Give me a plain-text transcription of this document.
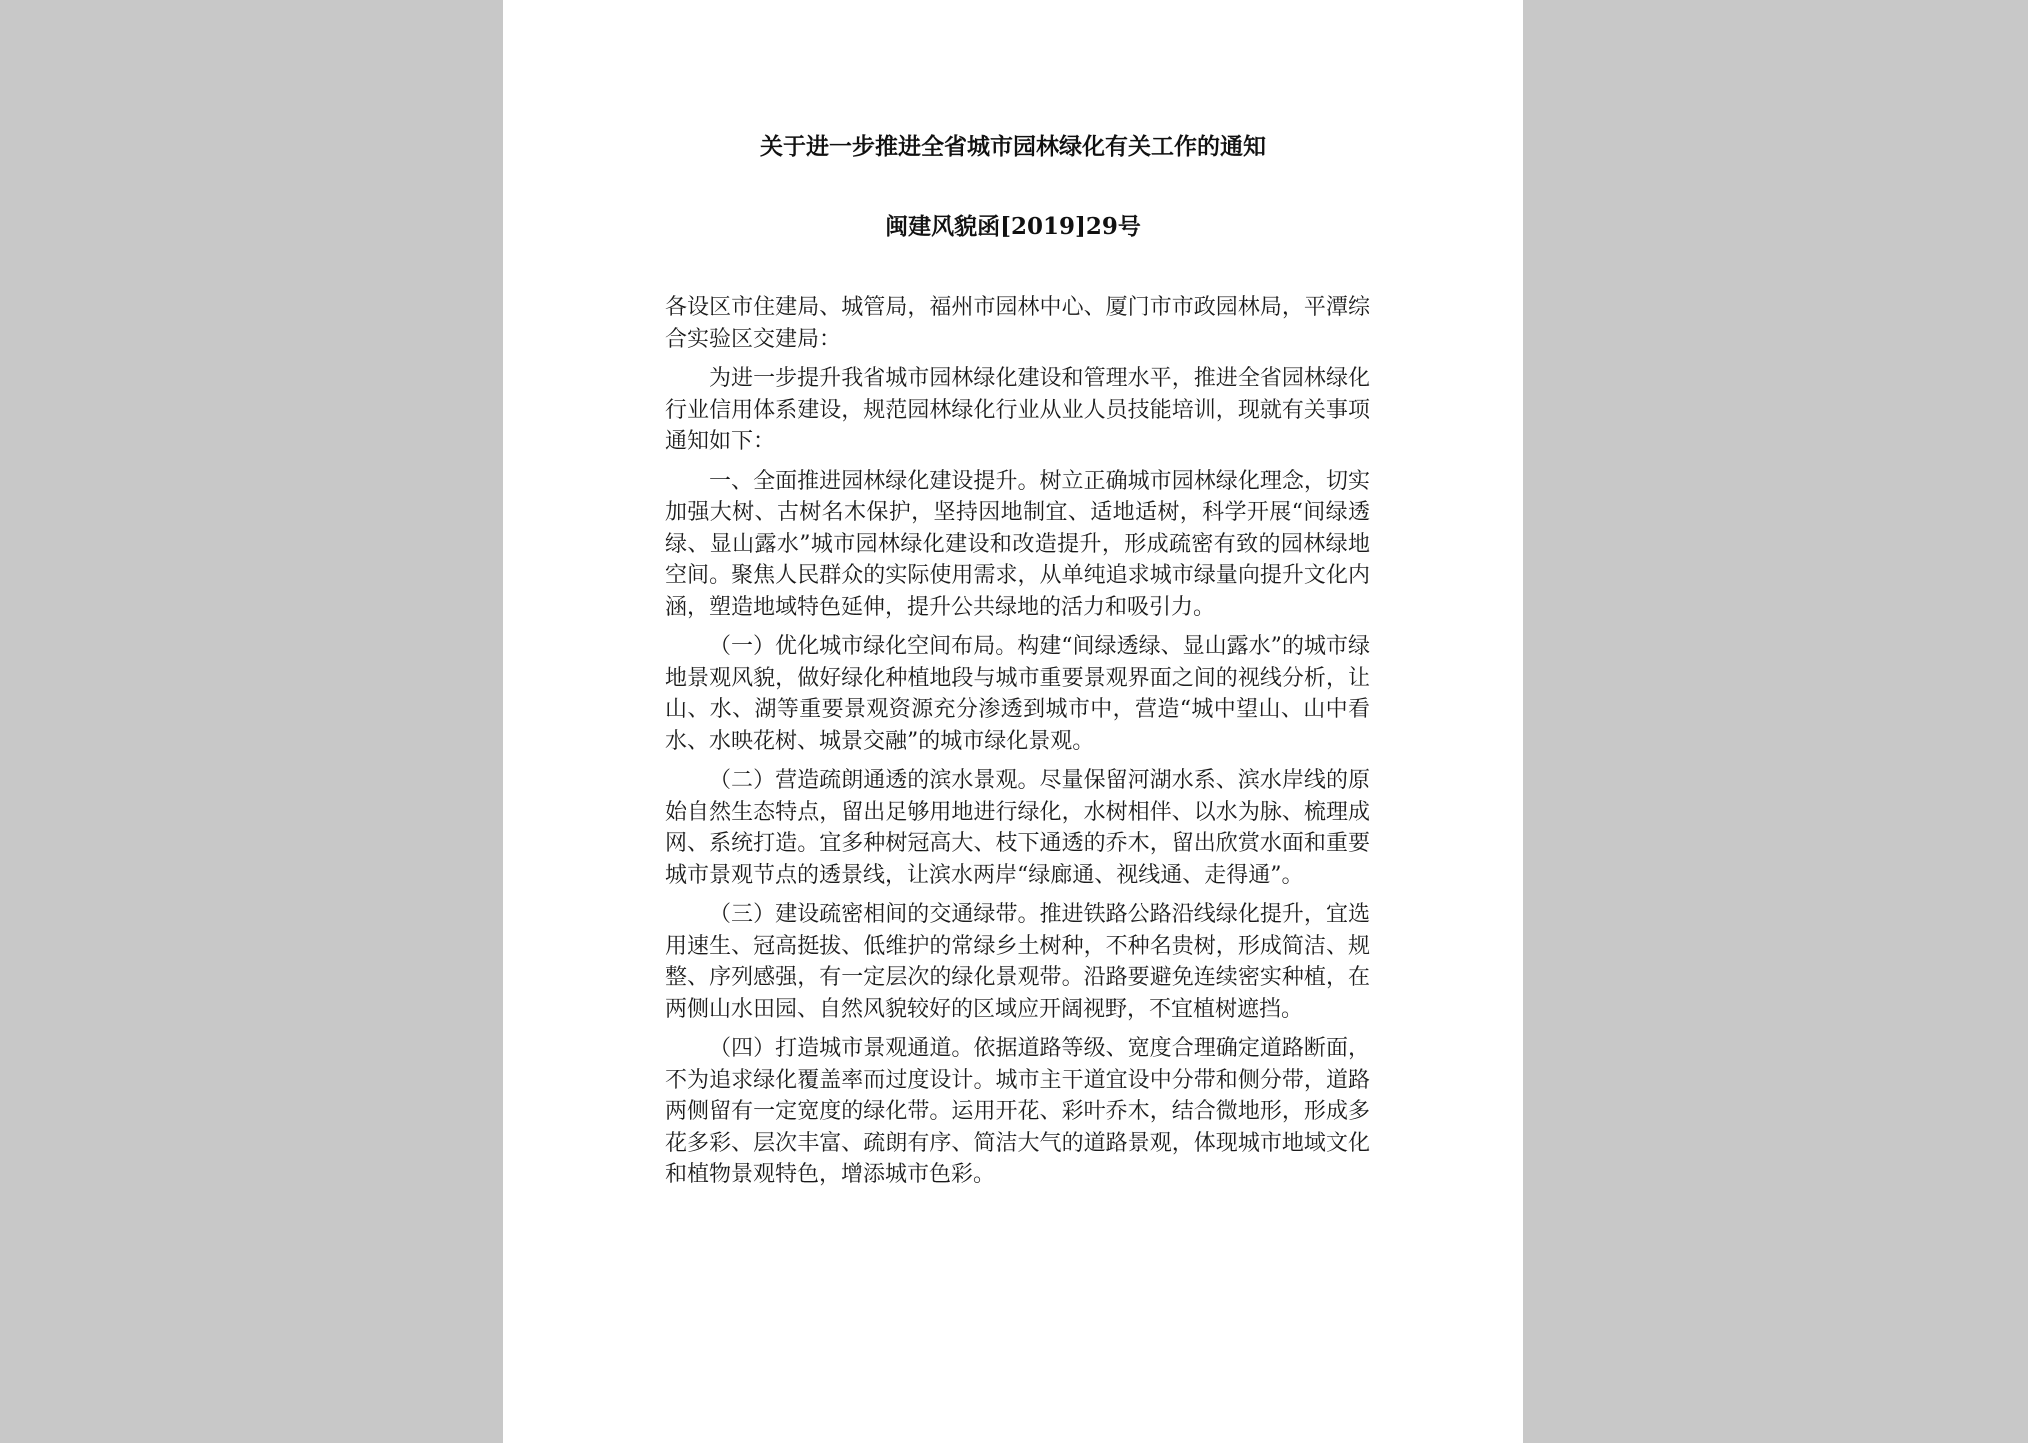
关于进一步推进全省城市园林绿化有关工作的通知
闽建风貌函[2019]29号

各设区市住建局、城管局，福州市园林中心、厦门市市政园林局，平潭综合实验区交建局：

为进一步提升我省城市园林绿化建设和管理水平，推进全省园林绿化行业信用体系建设，规范园林绿化行业从业人员技能培训，现就有关事项通知如下：

一、全面推进园林绿化建设提升。树立正确城市园林绿化理念，切实加强大树、古树名木保护，坚持因地制宜、适地适树，科学开展“间绿透绿、显山露水”城市园林绿化建设和改造提升，形成疏密有致的园林绿地空间。聚焦人民群众的实际使用需求，从单纯追求城市绿量向提升文化内涵，塑造地域特色延伸，提升公共绿地的活力和吸引力。

（一）优化城市绿化空间布局。构建“间绿透绿、显山露水”的城市绿地景观风貌，做好绿化种植地段与城市重要景观界面之间的视线分析，让山、水、湖等重要景观资源充分渗透到城市中，营造“城中望山、山中看水、水映花树、城景交融”的城市绿化景观。

（二）营造疏朗通透的滨水景观。尽量保留河湖水系、滨水岸线的原始自然生态特点，留出足够用地进行绿化，水树相伴、以水为脉、梳理成网、系统打造。宜多种树冠高大、枝下通透的乔木，留出欣赏水面和重要城市景观节点的透景线，让滨水两岸“绿廊通、视线通、走得通”。

（三）建设疏密相间的交通绿带。推进铁路公路沿线绿化提升，宜选用速生、冠高挺拔、低维护的常绿乡土树种，不种名贵树，形成简洁、规整、序列感强，有一定层次的绿化景观带。沿路要避免连续密实种植，在两侧山水田园、自然风貌较好的区域应开阔视野，不宜植树遮挡。

（四）打造城市景观通道。依据道路等级、宽度合理确定道路断面，不为追求绿化覆盖率而过度设计。城市主干道宜设中分带和侧分带，道路两侧留有一定宽度的绿化带。运用开花、彩叶乔木，结合微地形，形成多花多彩、层次丰富、疏朗有序、简洁大气的道路景观，体现城市地域文化和植物景观特色，增添城市色彩。
